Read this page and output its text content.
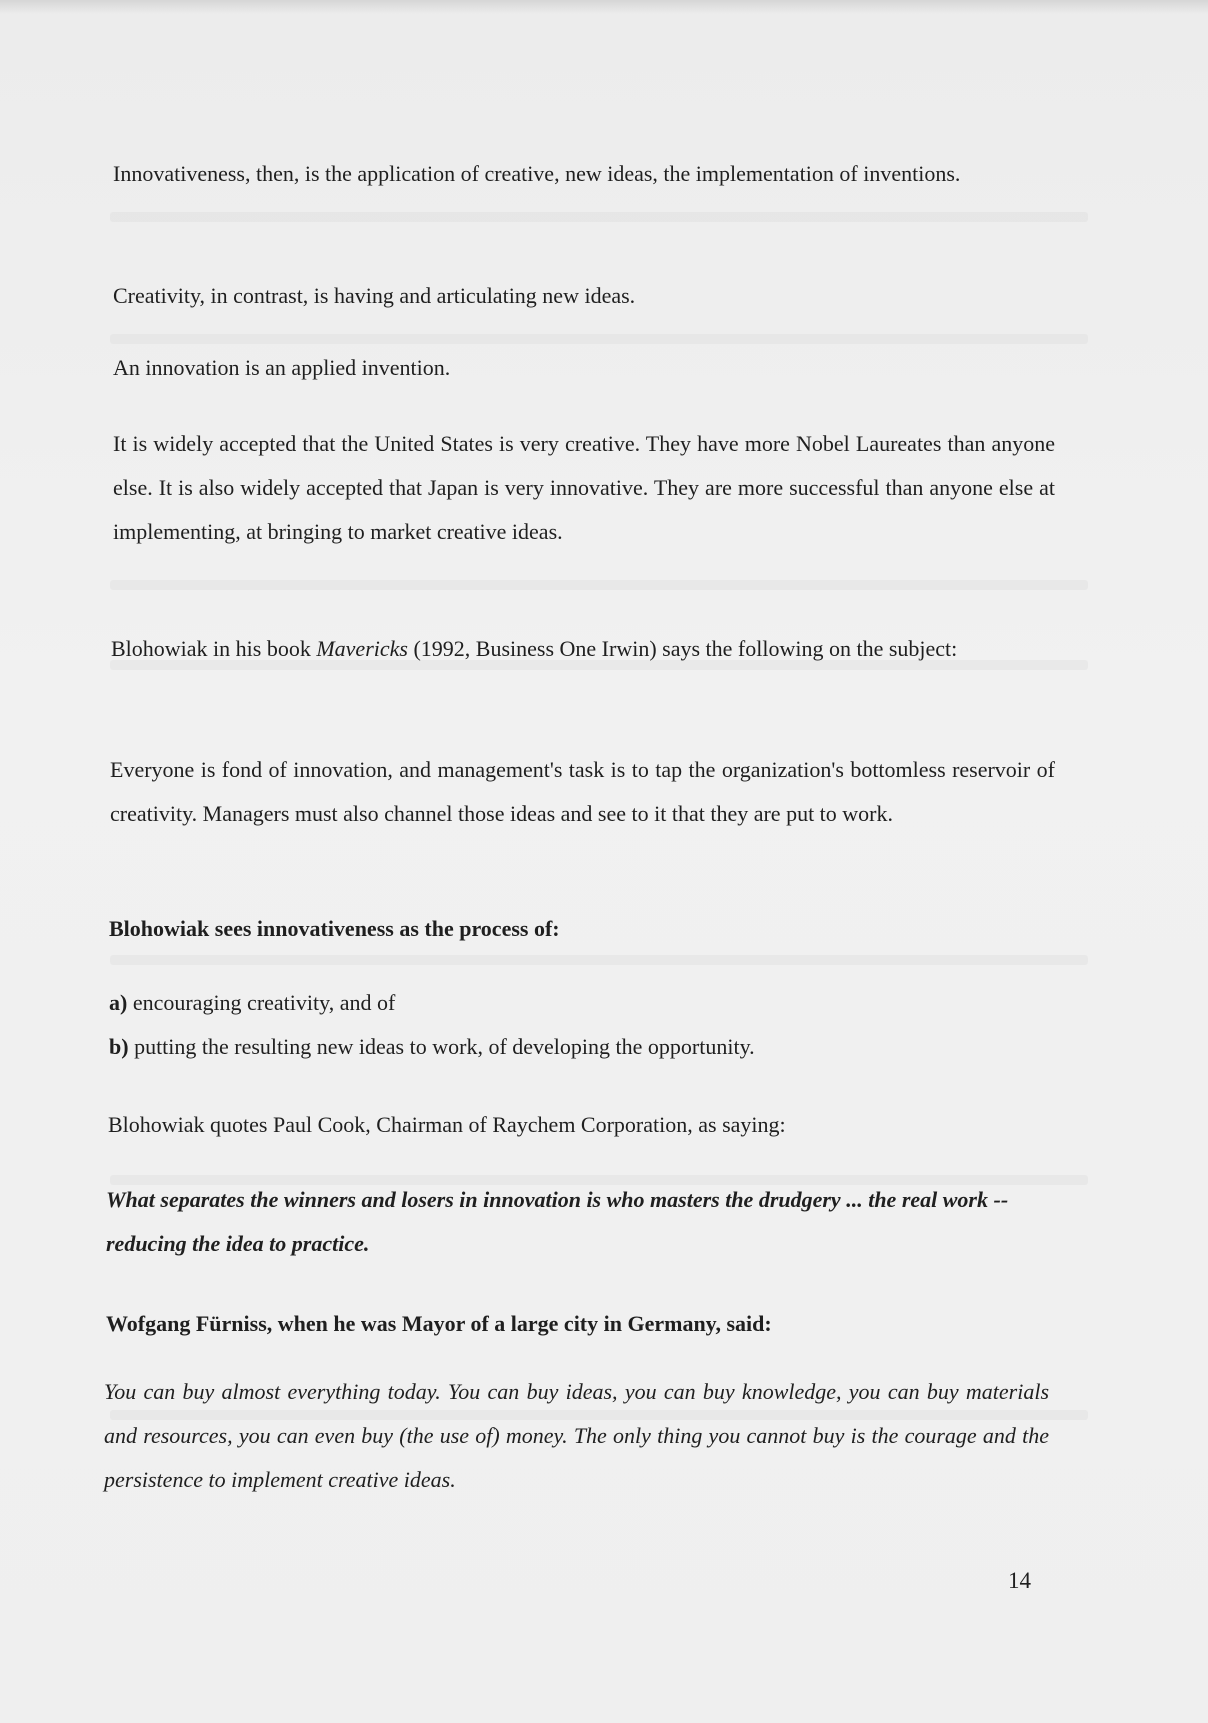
Innovativeness, then, is the application of creative, new ideas, the implementation of inventions.

Creativity, in contrast, is having and articulating new ideas.

An innovation is an applied invention.

It is widely accepted that the United States is very creative. They have more Nobel Laureates than anyone else. It is also widely accepted that Japan is very innovative. They are more successful than anyone else at implementing, at bringing to market creative ideas.

Blohowiak in his book Mavericks (1992, Business One Irwin) says the following on the subject:

Everyone is fond of innovation, and management's task is to tap the organization's bottomless reservoir of creativity. Managers must also channel those ideas and see to it that they are put to work.

Blohowiak sees innovativeness as the process of:

a) encouraging creativity, and of

b) putting the resulting new ideas to work, of developing the opportunity.

Blohowiak quotes Paul Cook, Chairman of Raychem Corporation, as saying:

What separates the winners and losers in innovation is who masters the drudgery ... the real work -- reducing the idea to practice.

Wofgang Fürniss, when he was Mayor of a large city in Germany, said:

You can buy almost everything today. You can buy ideas, you can buy knowledge, you can buy materials and resources, you can even buy (the use of) money. The only thing you cannot buy is the courage and the persistence to implement creative ideas.

14
